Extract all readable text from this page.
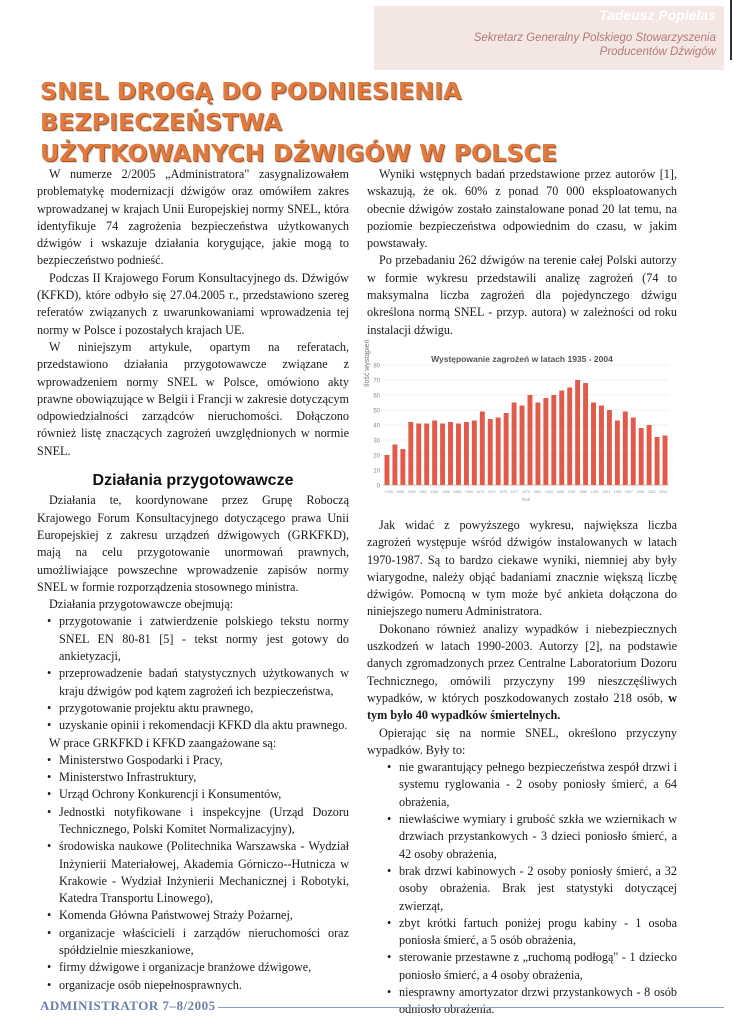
Tadeusz Popielas
Sekretarz Generalny Polskiego Stowarzyszenia
Producentów Dźwigów
SNEL DROGĄ DO PODNIESIENIA BEZPIECZEŃSTWA
UŻYTKOWANYCH DŹWIGÓW W POLSCE

W numerze 2/2005 „Administratora" zasygnalizowałem problematykę modernizacji dźwigów oraz omówiłem zakres wprowadzanej w krajach Unii Europejskiej normy SNEL, która identyfikuje 74 zagrożenia bezpieczeństwa użytkowanych dźwigów i wskazuje działania korygujące, jakie mogą to bezpieczeństwo podnieść.

Podczas II Krajowego Forum Konsultacyjnego ds. Dźwigów (KFKD), które odbyło się 27.04.2005 r., przedstawiono szereg referatów związanych z uwarunkowaniami wprowadzenia tej normy w Polsce i pozostałych krajach UE.

W niniejszym artykule, opartym na referatach, przedstawiono działania przygotowawcze związane z wprowadzeniem normy SNEL w Polsce, omówiono akty prawne obowiązujące w Belgii i Francji w zakresie dotyczącym odpowiedzialności zarządców nieruchomości. Dołączono również listę znaczących zagrożeń uwzględnionych w normie SNEL.

Działania przygotowawcze

Działania te, koordynowane przez Grupę Roboczą Krajowego Forum Konsultacyjnego dotyczącego prawa Unii Europejskiej z zakresu urządzeń dźwigowych (GRKFKD), mają na celu przygotowanie unormowań prawnych, umożliwiające powszechne wprowadzenie zapisów normy SNEL w formie rozporządzenia stosownego ministra.

Działania przygotowawcze obejmują:

• przygotowanie i zatwierdzenie polskiego tekstu normy SNEL EN 80-81 [5] - tekst normy jest gotowy do ankietyzacji,
• przeprowadzenie badań statystycznych użytkowanych w kraju dźwigów pod kątem zagrożeń ich bezpieczeństwa,
• przygotowanie projektu aktu prawnego,
• uzyskanie opinii i rekomendacji KFKD dla aktu prawnego.

W prace GRKFKD i KFKD zaangażowane są:

• Ministerstwo Gospodarki i Pracy,
• Ministerstwo Infrastruktury,
• Urząd Ochrony Konkurencji i Konsumentów,
• Jednostki notyfikowane i inspekcyjne (Urząd Dozoru Technicznego, Polski Komitet Normalizacyjny),
• środowiska naukowe (Politechnika Warszawska - Wydział Inżynierii Materiałowej, Akademia Górniczo--Hutnicza w Krakowie - Wydział Inżynierii Mechanicznej i Robotyki, Katedra Transportu Linowego),
• Komenda Główna Państwowej Straży Pożarnej,
• organizacje właścicieli i zarządów nieruchomości oraz spółdzielnie mieszkaniowe,
• firmy dźwigowe i organizacje branżowe dźwigowe,
• organizacje osób niepełnosprawnych.

Wyniki wstępnych badań przedstawione przez autorów [1], wskazują, że ok. 60% z ponad 70 000 eksploatowanych obecnie dźwigów zostało zainstalowane ponad 20 lat temu, na poziomie bezpieczeństwa odpowiednim do czasu, w jakim powstawały.

Po przebadaniu 262 dźwigów na terenie całej Polski autorzy w formie wykresu przedstawili analizę zagrożeń (74 to maksymalna liczba zagrożeń dla pojedynczego dźwigu określona normą SNEL - przyp. autora) w zależności od roku instalacji dźwigu.

0
10
20
30
40
50
60
70
80
1935 1956 1959 1962 1964 1966 1968 1969 1971 1973 1975 1977 1979 1981 1983 1985 1987 1989 1991 1993 1995 1997 1999 2001 2004
Rok
Występowanie zagrożeń w latach 1935 - 2004
Ilość wystąpień

Jak widać z powyższego wykresu, największa liczba zagrożeń występuje wśród dźwigów instalowanych w latach 1970-1987. Są to bardzo ciekawe wyniki, niemniej aby były wiarygodne, należy objąć badaniami znacznie większą liczbę dźwigów. Pomocną w tym może być ankieta dołączona do niniejszego numeru Administratora.

Dokonano również analizy wypadków i niebezpiecznych uszkodzeń w latach 1990-2003. Autorzy [2], na podstawie danych zgromadzonych przez Centralne Laboratorium Dozoru Technicznego, omówili przyczyny 199 nieszczęśliwych wypadków, w których poszkodowanych zostało 218 osób, w tym było 40 wypadków śmiertelnych.

Opierając się na normie SNEL, określono przyczyny wypadków. Były to:

• nie gwarantujący pełnego bezpieczeństwa zespół drzwi i systemu ryglowania - 2 osoby poniosły śmierć, a 64 obrażenia,
• niewłaściwe wymiary i grubość szkła we wziernikach w drzwiach przystankowych - 3 dzieci poniosło śmierć, a 42 osoby obrażenia,
• brak drzwi kabinowych - 2 osoby poniosły śmierć, a 32 osoby obrażenia. Brak jest statystyki dotyczącej zwierząt,
• zbyt krótki fartuch poniżej progu kabiny - 1 osoba poniosła śmierć, a 5 osób obrażenia,
• sterowanie przestawne z „ruchomą podłogą" - 1 dziecko poniosło śmierć, a 4 osoby obrażenia,
• niesprawny amortyzator drzwi przystankowych - 8 osób odniosło obrażenia.
ADMINISTRATOR 7–8/2005
